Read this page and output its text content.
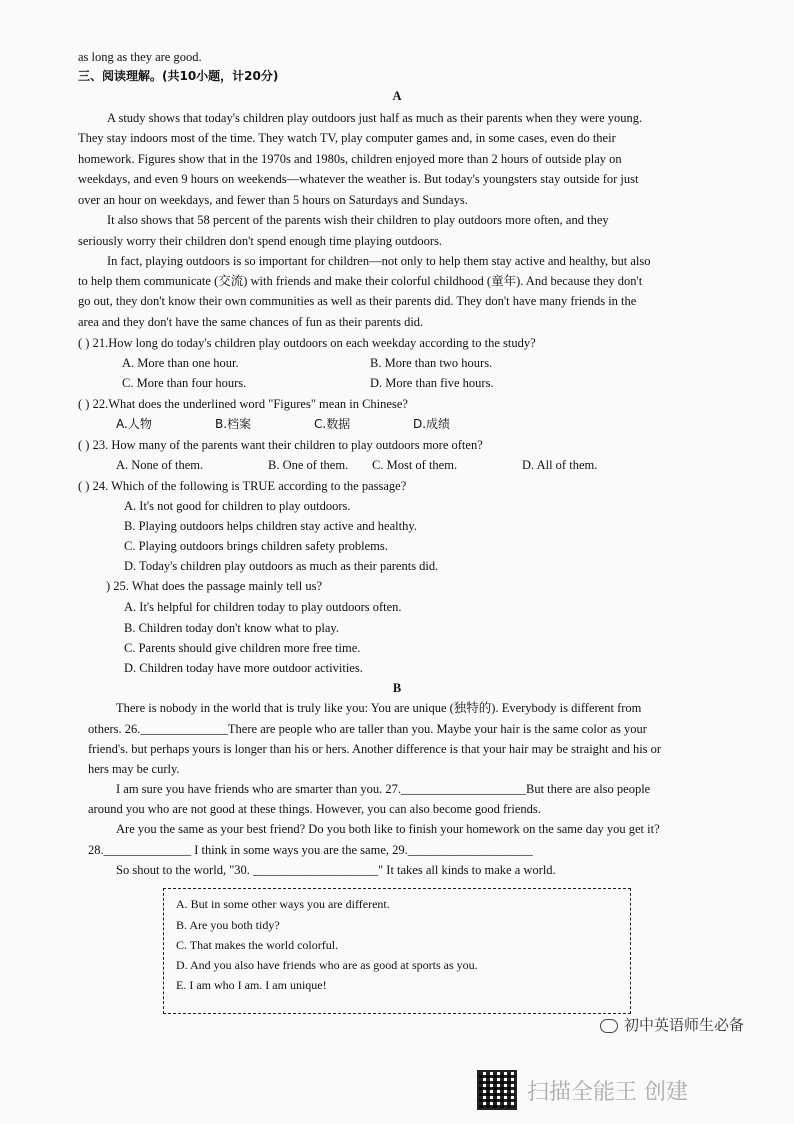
as long as they are good.
三、阅读理解。(共10小题，计20分)
A
A study shows that today's children play outdoors just half as much as their parents when they were young.
They stay indoors most of the time. They watch TV, play computer games and, in some cases, even do their
homework. Figures show that in the 1970s and 1980s, children enjoyed more than 2 hours of outside play on
weekdays, and even 9 hours on weekends—whatever the weather is. But today's youngsters stay outside for just
over an hour on weekdays, and fewer than 5 hours on Saturdays and Sundays.
It also shows that 58 percent of the parents wish their children to play outdoors more often, and they
seriously worry their children don't spend enough time playing outdoors.
In fact, playing outdoors is so important for children—not only to help them stay active and healthy, but also
to help them communicate (交流) with friends and make their colorful childhood (童年). And because they don't
go out, they don't know their own communities as well as their parents did. They don't have many friends in the
area and they don't have the same chances of fun as their parents did.
( ) 21.How long do today's children play outdoors on each weekday according to the study?
A. More than one hour.	B. More than two hours.
C. More than four hours.	D. More than five hours.
( ) 22.What does the underlined word "Figures" mean in Chinese?
A.人物	B.档案	C.数据	D.成绩
( ) 23. How many of the parents want their children to play outdoors more often?
A. None of them.	B. One of them. C. Most of them.	D. All of them.
( ) 24. Which of the following is TRUE according to the passage?
A. It's not good for children to play outdoors.
B. Playing outdoors helps children stay active and healthy.
C. Playing outdoors brings children safety problems.
D. Today's children play outdoors as much as their parents did.
) 25. What does the passage mainly tell us?
A. It's helpful for children today to play outdoors often.
B. Children today don't know what to play.
C. Parents should give children more free time.
D. Children today have more outdoor activities.
B
There is nobody in the world that is truly like you: You are unique (独特的). Everybody is different from
others. 26.______________There are people who are taller than you. Maybe your hair is the same color as your
friend's. but perhaps yours is longer than his or hers. Another difference is that your hair may be straight and his or
hers may be curly.
I am sure you have friends who are smarter than you. 27.____________________But there are also people
around you who are not good at these things. However, you can also become good friends.
Are you the same as your best friend? Do you both like to finish your homework on the same day you get it?
28.______________ I think in some ways you are the same, 29.____________________
So shout to the world, "30. ____________________" It takes all kinds to make a world.
A. But in some other ways you are different.
B. Are you both tidy?
C. That makes the world colorful.
D. And you also have friends who are as good at sports as you.
E. I am who I am. I am unique!
初中英语师生必备
扫描全能王 创建
